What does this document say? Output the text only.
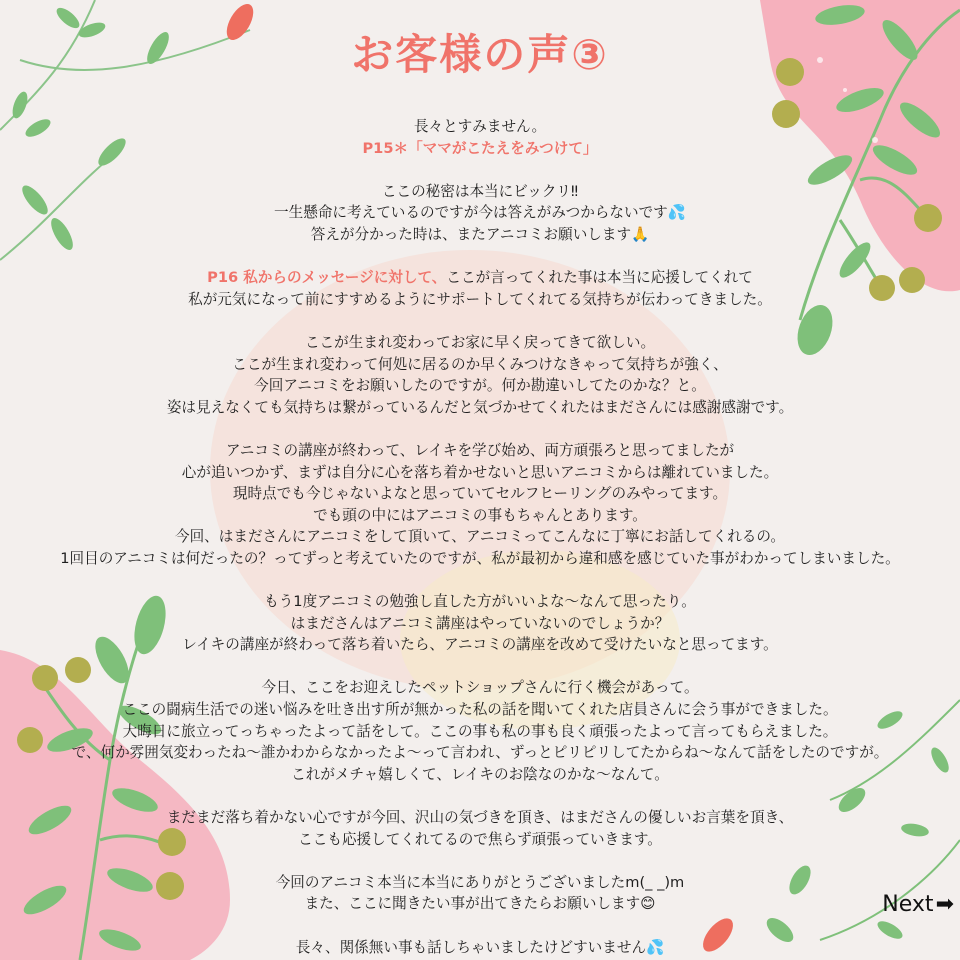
お客様の声③
長々とすみません。
P15＊「ママがこたえをみつけて」
ここの秘密は本当にビックリ‼
一生懸命に考えているのですが今は答えがみつからないです💦
答えが分かった時は、またアニコミお願いします🙏
P16 私からのメッセージに対して、ここが言ってくれた事は本当に応援してくれて
私が元気になって前にすすめるようにサポートしてくれてる気持ちが伝わってきました。
ここが生まれ変わってお家に早く戻ってきて欲しい。
ここが生まれ変わって何処に居るのか早くみつけなきゃって気持ちが強く、
今回アニコミをお願いしたのですが。何か勘違いしてたのかな？と。
姿は見えなくても気持ちは繋がっているんだと気づかせてくれたはまださんには感謝感謝です。
アニコミの講座が終わって、レイキを学び始め、両方頑張ろと思ってましたが
心が追いつかず、まずは自分に心を落ち着かせないと思いアニコミからは離れていました。
現時点でも今じゃないよなと思っていてセルフヒーリングのみやってます。
でも頭の中にはアニコミの事もちゃんとあります。
今回、はまださんにアニコミをして頂いて、アニコミってこんなに丁寧にお話してくれるの。
1回目のアニコミは何だったの？ってずっと考えていたのですが、私が最初から違和感を感じていた事がわかってしまいました。
もう1度アニコミの勉強し直した方がいいよな〜なんて思ったり。
はまださんはアニコミ講座はやっていないのでしょうか？
レイキの講座が終わって落ち着いたら、アニコミの講座を改めて受けたいなと思ってます。
今日、ここをお迎えしたペットショップさんに行く機会があって。
ここの闘病生活での迷い悩みを吐き出す所が無かった私の話を聞いてくれた店員さんに会う事ができました。
大晦日に旅立ってっちゃったよって話をして。ここの事も私の事も良く頑張ったよって言ってもらえました。
で、何か雰囲気変わったね〜誰かわからなかったよ〜って言われ、ずっとピリピリしてたからね〜なんて話をしたのですが。
これがメチャ嬉しくて、レイキのお陰なのかな〜なんて。
まだまだ落ち着かない心ですが今回、沢山の気づきを頂き、はまださんの優しいお言葉を頂き、
ここも応援してくれてるので焦らず頑張っていきます。
今回のアニコミ本当に本当にありがとうございましたm(_ _)m
また、ここに聞きたい事が出てきたらお願いします😊
長々、関係無い事も話しちゃいましたけどすいません💦
Next ➡
